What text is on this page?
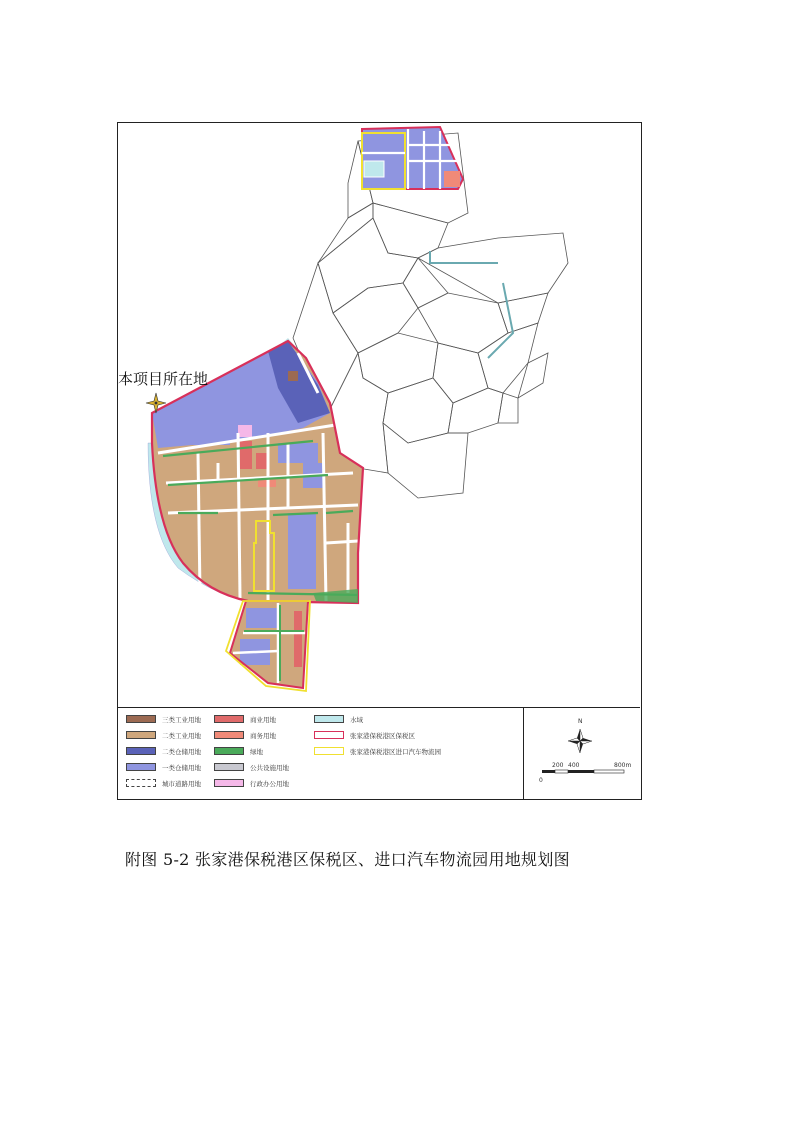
本项目所在地
三类工业用地
二类工业用地
二类仓储用地
一类仓储用地
城市道路用地
商业用地
商务用地
绿地
公共设施用地
行政办公用地
水域
张家港保税港区保税区
张家港保税港区进口汽车物流园
N
0
200 400	800m
附图 5-2 张家港保税港区保税区、进口汽车物流园用地规划图
